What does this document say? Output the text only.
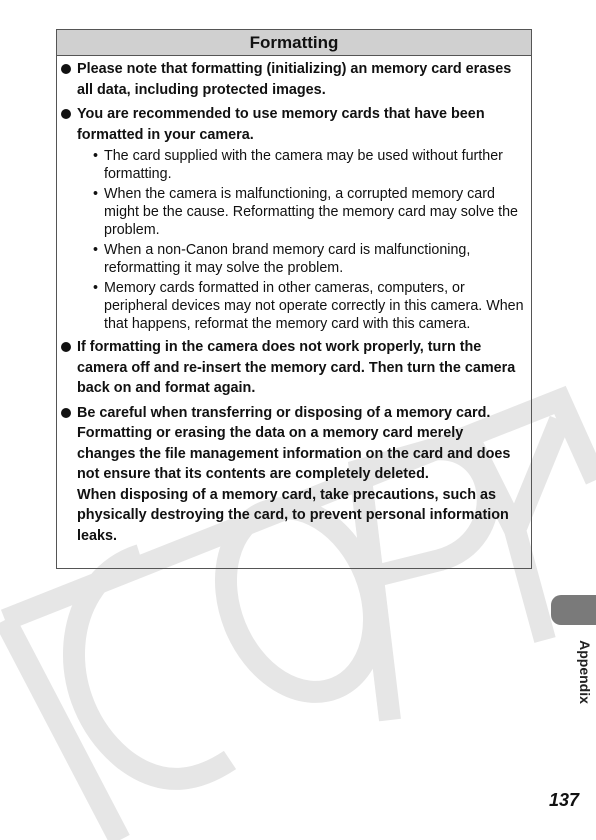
Formatting
Please note that formatting (initializing) an memory card erases all data, including protected images.
You are recommended to use memory cards that have been formatted in your camera.
• The card supplied with the camera may be used without further formatting.
• When the camera is malfunctioning, a corrupted memory card might be the cause. Reformatting the memory card may solve the problem.
• When a non-Canon brand memory card is malfunctioning, reformatting it may solve the problem.
• Memory cards formatted in other cameras, computers, or peripheral devices may not operate correctly in this camera. When that happens, reformat the memory card with this camera.
If formatting in the camera does not work properly, turn the camera off and re-insert the memory card. Then turn the camera back on and format again.
Be careful when transferring or disposing of a memory card. Formatting or erasing the data on a memory card merely changes the file management information on the card and does not ensure that its contents are completely deleted.
When disposing of a memory card, take precautions, such as physically destroying the card, to prevent personal information leaks.
Appendix
137
